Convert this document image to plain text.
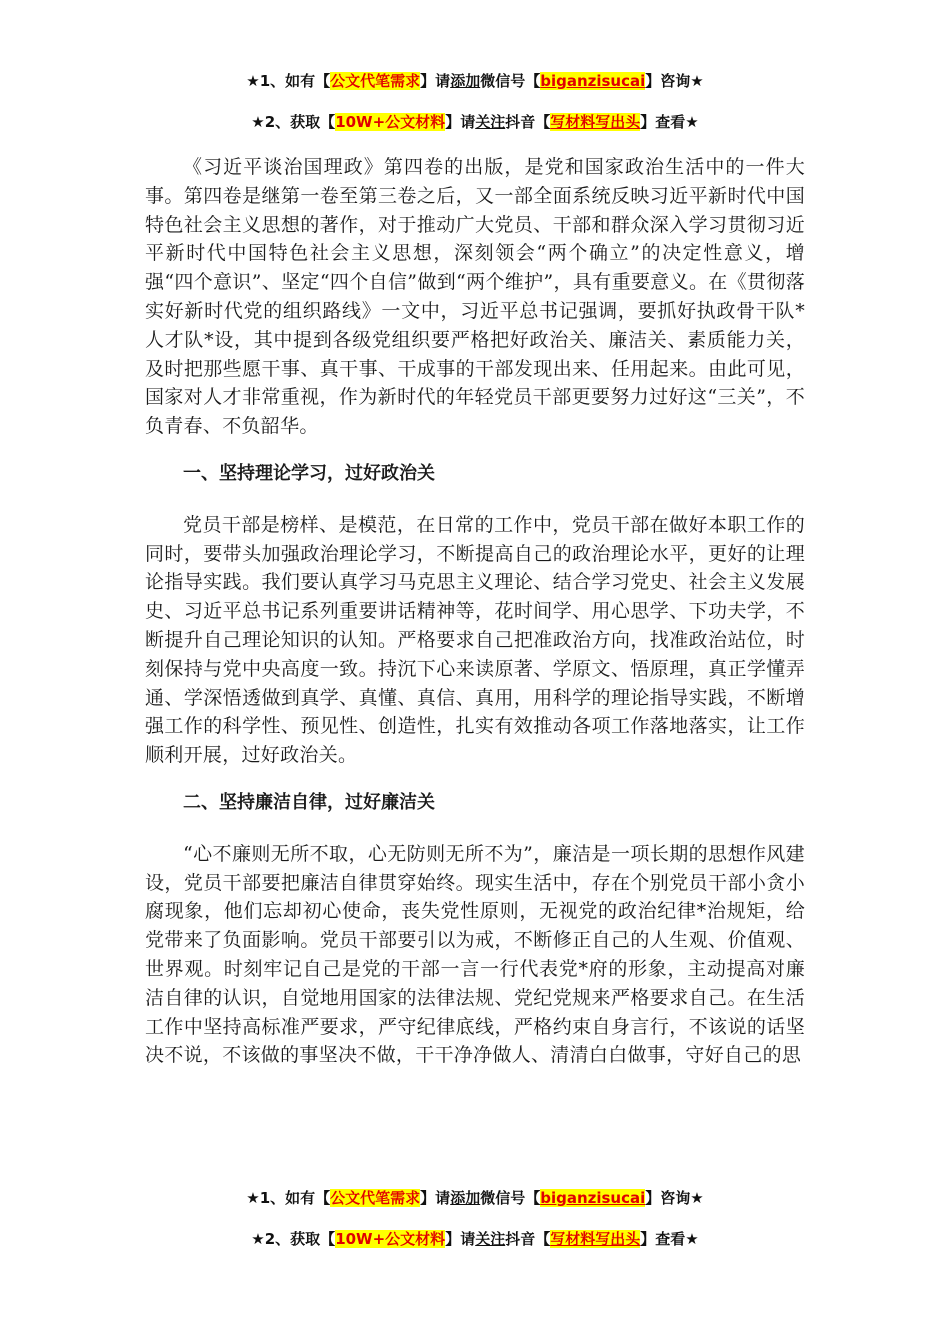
★1、如有【公文代笔需求】请添加微信号【biganzisucai】咨询★
★2、获取【10W+公文材料】请关注抖音【写材料写出头】查看★

《习近平谈治国理政》第四卷的出版，是党和国家政治生活中的一件大事。第四卷是继第一卷至第三卷之后，又一部全面系统反映习近平新时代中国特色社会主义思想的著作，对于推动广大党员、干部和群众深入学习贯彻习近平新时代中国特色社会主义思想，深刻领会“两个确立”的决定性意义，增强“四个意识”、坚定“四个自信”做到“两个维护”，具有重要意义。在《贯彻落实好新时代党的组织路线》一文中，习近平总书记强调，要抓好执政骨干队*人才队*设，其中提到各级党组织要严格把好政治关、廉洁关、素质能力关，及时把那些愿干事、真干事、干成事的干部发现出来、任用起来。由此可见，国家对人才非常重视，作为新时代的年轻党员干部更要努力过好这“三关”，不负青春、不负韶华。

一、坚持理论学习，过好政治关

党员干部是榜样、是模范，在日常的工作中，党员干部在做好本职工作的同时，要带头加强政治理论学习，不断提高自己的政治理论水平，更好的让理论指导实践。我们要认真学习马克思主义理论、结合学习党史、社会主义发展史、习近平总书记系列重要讲话精神等，花时间学、用心思学、下功夫学，不断提升自己理论知识的认知。严格要求自己把准政治方向，找准政治站位，时刻保持与党中央高度一致。持沉下心来读原著、学原文、悟原理，真正学懂弄通、学深悟透做到真学、真懂、真信、真用，用科学的理论指导实践，不断增强工作的科学性、预见性、创造性，扎实有效推动各项工作落地落实，让工作顺利开展，过好政治关。

二、坚持廉洁自律，过好廉洁关

“心不廉则无所不取，心无防则无所不为”，廉洁是一项长期的思想作风建设，党员干部要把廉洁自律贯穿始终。现实生活中，存在个别党员干部小贪小腐现象，他们忘却初心使命，丧失党性原则，无视党的政治纪律*治规矩，给党带来了负面影响。党员干部要引以为戒，不断修正自己的人生观、价值观、世界观。时刻牢记自己是党的干部一言一行代表党*府的形象，主动提高对廉洁自律的认识，自觉地用国家的法律法规、党纪党规来严格要求自己。在生活工作中坚持高标准严要求，严守纪律底线，严格约束自身言行，不该说的话坚决不说，不该做的事坚决不做，干干净净做人、清清白白做事，守好自己的思

★1、如有【公文代笔需求】请添加微信号【biganzisucai】咨询★
★2、获取【10W+公文材料】请关注抖音【写材料写出头】查看★
